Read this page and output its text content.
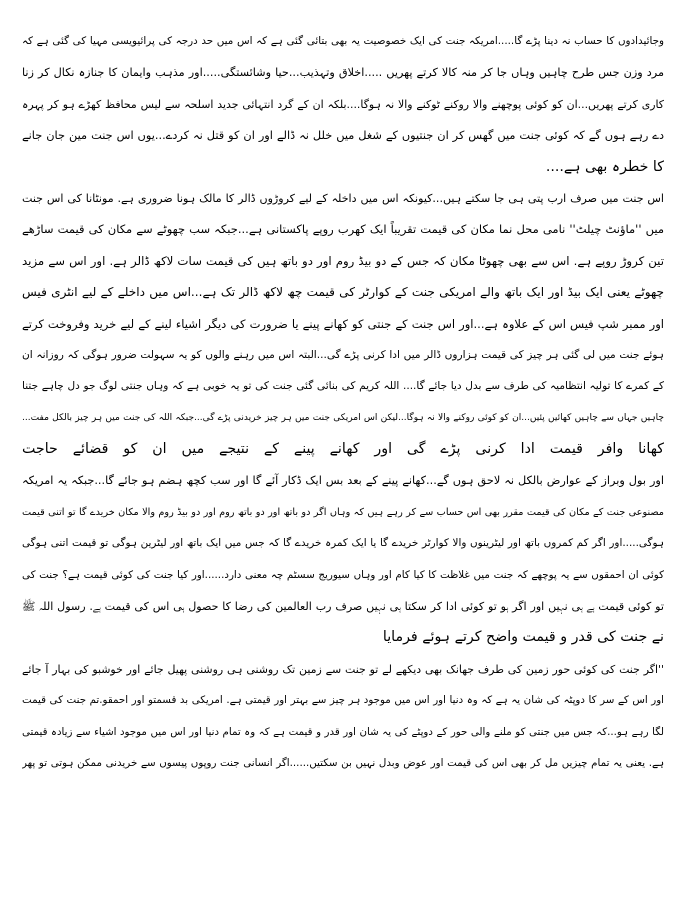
وجائیدادوں کا حساب نہ دینا پڑے گا.....امریکہ جنت کی ایک خصوصیت یہ بھی بتائی گئی ہے کہ اس میں حد درجہ کی پرائیویسی مہیا کی گئی ہے کہ
مرد وزن جس طرح چاہیں وہاں جا کر منہ کالا کرتے پھریں .....اخلاق وتہذیب...حیا وشائستگی.....اور مذہب وایمان کا جنازہ نکال کر زنا
کاری کرتے پھریں...ان کو کوئی پوچھنے والا روکنے ٹوکنے والا نہ ہوگا....بلکہ ان کے گرد انتہائی جدید اسلحہ سے لیس محافظ کھڑے ہو کر پہرہ
دے رہے ہوں گے کہ کوئی جنت میں گھس کر ان جنتیوں کے شغل میں خلل نہ ڈالے اور ان کو قتل نہ کردے...یوں اس جنت مین جان جانے
کا خطرہ بھی ہے....
اس جنت میں صرف ارب پتی ہی جا سکتے ہیں...کیونکہ اس میں داخلہ کے لیے کروڑوں ڈالر کا مالک ہونا ضروری ہے. مونٹانا کی اس جنت
میں ''ماؤنٹ چیلٹ'' نامی محل نما مکان کی قیمت تقریباً ایک کھرب روپے پاکستانی ہے...جبکہ سب چھوٹے سے مکان کی قیمت ساڑھے
تین کروڑ روپے ہے. اس سے بھی چھوٹا مکان کہ جس کے دو بیڈ روم اور دو باتھ ہیں کی قیمت سات لاکھ ڈالر ہے. اور اس سے مزید
چھوٹے یعنی ایک بیڈ اور ایک باتھ والے امریکی جنت کے کوارٹر کی قیمت چھ لاکھ ڈالر تک ہے...اس میں داخلے کے لیے انٹری فیس
اور ممبر شپ فیس اس کے علاوہ ہے...اور اس جنت کے جنتی کو کھانے پینے یا ضرورت کی دیگر اشیاء لینے کے لیے خرید وفروخت کرتے
ہوئے جنت میں لی گئی ہر چیز کی قیمت ہزاروں ڈالر میں ادا کرنی پڑے گی...البتہ اس میں رہنے والوں کو یہ سہولت ضرور ہوگی کہ روزانہ ان
کے کمرے کا تولیہ انتظامیہ کی طرف سے بدل دیا جائے گا.... اللہ کریم کی بنائی گئی جنت کی تو یہ خوبی ہے کہ وہاں جنتی لوگ جو دل چاہے جتنا
چاہیں جہاں سے چاہیں کھائیں پئیں...ان کو کوئی روکنے والا نہ ہوگا...لیکن اس امریکی جنت میں ہر چیز خریدنی پڑے گی...جبکہ اللہ کی جنت میں ہر چیز بالکل مفت...
کھانا وافر قیمت ادا کرنی پڑے گی اور کھانے پینے کے نتیجے میں ان کو قضائے حاجت
اور بول وبراز کے عوارض بالکل نہ لاحق ہوں گے...کھانے پینے کے بعد بس ایک ڈکار آئے گا اور سب کچھ ہضم ہو جائے گا...جبکہ یہ امریکہ
مصنوعی جنت کے مکان کی قیمت مقرر بھی اس حساب سے کر رہے ہیں کہ وہاں اگر دو باتھ اور دو باتھ روم اور دو بیڈ روم والا مکان خریدے گا تو اتنی قیمت
ہوگی.....اور اگر کم کمروں باتھ اور لیٹرینوں والا کوارٹر خریدے گا یا ایک کمرہ خریدے گا کہ جس میں ایک باتھ اور لیٹرین ہوگی تو قیمت اتنی ہوگی
کوئی ان احمقوں سے یہ پوچھے کہ جنت میں غلاظت کا کیا کام اور وہاں سیوریج سسٹم چہ معنی دارد......اور کیا جنت کی کوئی قیمت ہے؟ جنت کی
تو کوئی قیمت ہے ہی نہیں اور اگر ہو تو کوئی ادا کر سکتا ہی نہیں صرف رب العالمین کی رضا کا حصول ہی اس کی قیمت ہے. رسول اللہ ﷺ
نے جنت کی قدر و قیمت واضح کرتے ہوئے فرمایا
''اگر جنت کی کوئی حور زمین کی طرف جھانک بھی دیکھے لے تو جنت سے زمین تک روشنی ہی روشنی پھیل جائے اور خوشبو کی بہار آ جائے
اور اس کے سر کا دوپٹہ کی شان یہ ہے کہ وہ دنیا اور اس میں موجود ہر چیز سے بہتر اور قیمتی ہے. امریکی بد قسمتو اور احمقو.تم جنت کی قیمت
لگا رہے ہو...کہ جس میں جنتی کو ملنے والی حور کے دوپٹے کی یہ شان اور قدر و قیمت ہے کہ وہ تمام دنیا اور اس میں موجود اشیاء سے زیادہ قیمتی
ہے. یعنی یہ تمام چیزیں مل کر بھی اس کی قیمت اور عوض وبدل نہیں بن سکتیں......اگر انسانی جنت روپوں پیسوں سے خریدنی ممکن ہوتی تو پھر
